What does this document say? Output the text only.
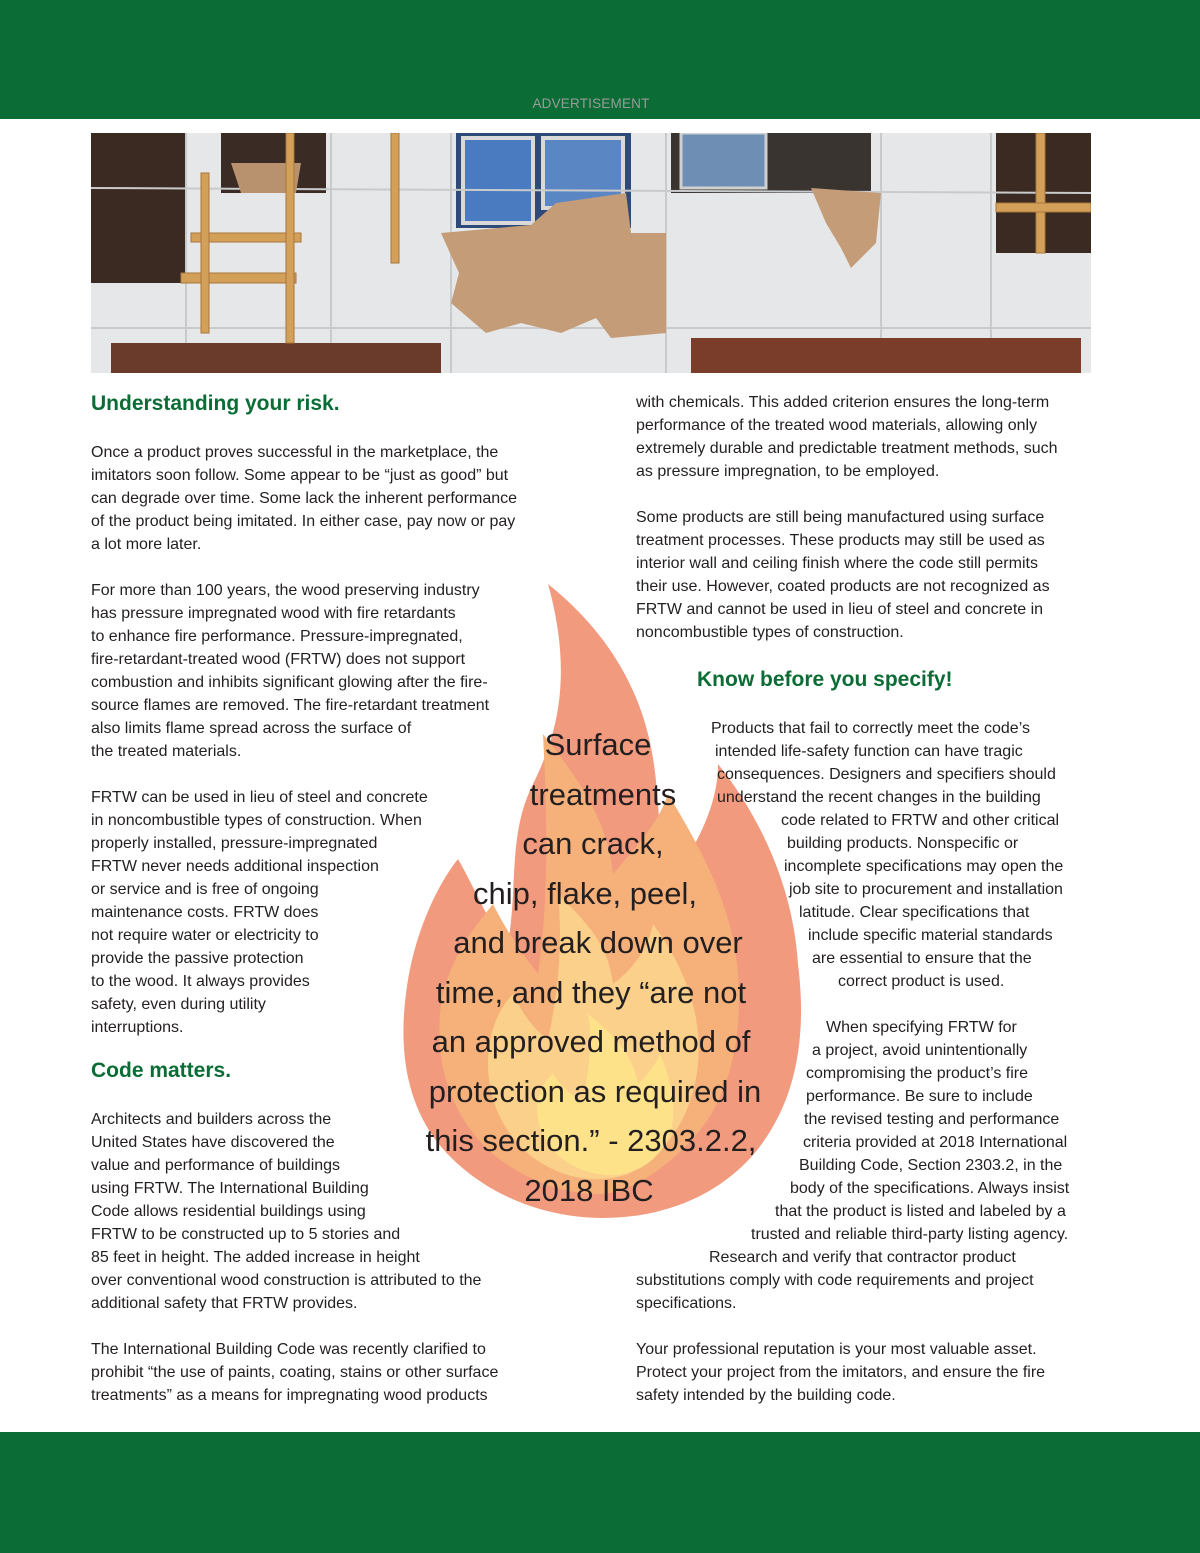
ADVERTISEMENT
Understanding your risk.

Once a product proves successful in the marketplace, the

imitators soon follow. Some appear to be “just as good” but

can degrade over time. Some lack the inherent performance

of the product being imitated. In either case, pay now or pay

a lot more later.

For more than 100 years, the wood preserving industry

has pressure impregnated wood with fire retardants

to enhance fire performance. Pressure-impregnated,

fire-retardant-treated wood (FRTW) does not support

combustion and inhibits significant glowing after the fire-

source flames are removed. The fire-retardant treatment

also limits flame spread across the surface of

the treated materials.

FRTW can be used in lieu of steel and concrete

in noncombustible types of construction. When

properly installed, pressure-impregnated

FRTW never needs additional inspection

or service and is free of ongoing

maintenance costs. FRTW does

not require water or electricity to

provide the passive protection

to the wood. It always provides

safety, even during utility

interruptions.

Code matters.

Architects and builders across the

United States have discovered the

value and performance of buildings

using FRTW. The International Building

Code allows residential buildings using

FRTW to be constructed up to 5 stories and

85 feet in height. The added increase in height

over conventional wood construction is attributed to the

additional safety that FRTW provides.

The International Building Code was recently clarified to

prohibit “the use of paints, coating, stains or other surface

treatments” as a means for impregnating wood products

with chemicals. This added criterion ensures the long-term

performance of the treated wood materials, allowing only

extremely durable and predictable treatment methods, such

as pressure impregnation, to be employed.

Some products are still being manufactured using surface

treatment processes. These products may still be used as

interior wall and ceiling finish where the code still permits

their use. However, coated products are not recognized as

FRTW and cannot be used in lieu of steel and concrete in

noncombustible types of construction.

Know before you specify!

Products that fail to correctly meet the code’s

intended life-safety function can have tragic

consequences. Designers and specifiers should

understand the recent changes in the building

code related to FRTW and other critical

building products. Nonspecific or

incomplete specifications may open the

job site to procurement and installation

latitude. Clear specifications that

include specific material standards

are essential to ensure that the

correct product is used.

When specifying FRTW for

a project, avoid unintentionally

compromising the product’s fire

performance. Be sure to include

the revised testing and performance

criteria provided at 2018 International

Building Code, Section 2303.2, in the

body of the specifications. Always insist

that the product is listed and labeled by a

trusted and reliable third-party listing agency.

Research and verify that contractor product

substitutions comply with code requirements and project

specifications.

Your professional reputation is your most valuable asset.

Protect your project from the imitators, and ensure the fire

safety intended by the building code.

Surface

treatments

can crack,

chip, flake, peel,

and break down over

time, and they “are not

an approved method of

protection as required in

this section.” - 2303.2.2,

2018 IBC
